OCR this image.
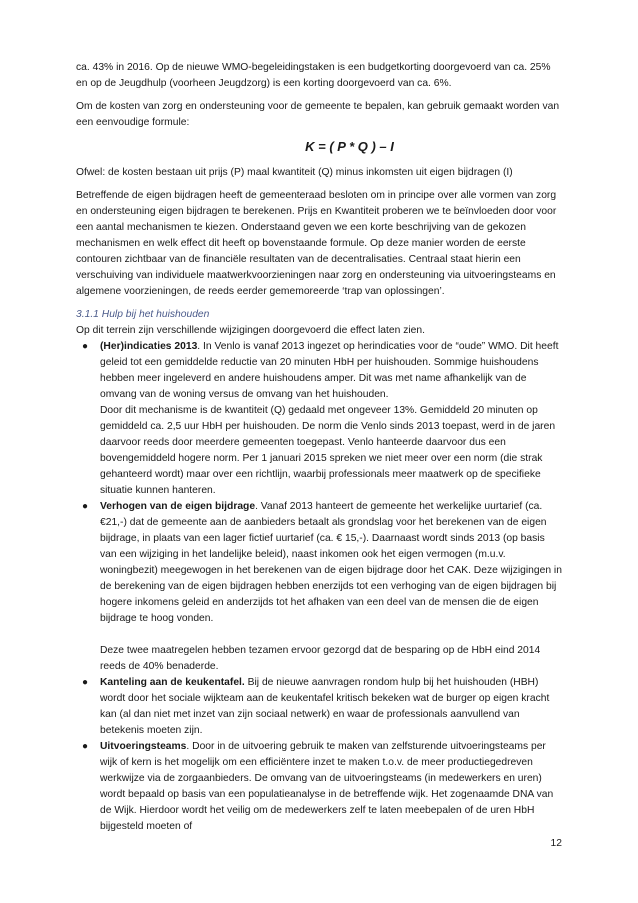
ca. 43% in 2016. Op de nieuwe WMO-begeleidingstaken is een budgetkorting doorgevoerd van ca. 25% en op de Jeugdhulp (voorheen Jeugdzorg) is een korting doorgevoerd van ca. 6%.

Om de kosten van zorg en ondersteuning voor de gemeente te bepalen, kan gebruik gemaakt worden van een eenvoudige formule:

K = ( P * Q ) – I

Ofwel: de kosten bestaan uit prijs (P) maal kwantiteit (Q) minus inkomsten uit eigen bijdragen (I)

Betreffende de eigen bijdragen heeft de gemeenteraad besloten om in principe over alle vormen van zorg en ondersteuning eigen bijdragen te berekenen. Prijs en Kwantiteit proberen we te beïnvloeden door voor een aantal mechanismen te kiezen. Onderstaand geven we een korte beschrijving van de gekozen mechanismen en welk effect dit heeft op bovenstaande formule. Op deze manier worden de eerste contouren zichtbaar van de financiële resultaten van de decentralisaties. Centraal staat hierin een verschuiving van individuele maatwerkvoorzieningen naar zorg en ondersteuning via uitvoeringsteams en algemene voorzieningen, de reeds eerder gememoreerde ‘trap van oplossingen’.

3.1.1 Hulp bij het huishouden

Op dit terrein zijn verschillende wijzigingen doorgevoerd die effect laten zien.

● (Her)indicaties 2013. In Venlo is vanaf 2013 ingezet op herindicaties voor de “oude” WMO. Dit heeft geleid tot een gemiddelde reductie van 20 minuten HbH per huishouden. Sommige huishoudens hebben meer ingeleverd en andere huishoudens amper. Dit was met name afhankelijk van de omvang van de woning versus de omvang van het huishouden.

Door dit mechanisme is de kwantiteit (Q) gedaald met ongeveer 13%. Gemiddeld 20 minuten op gemiddeld ca. 2,5 uur HbH per huishouden. De norm die Venlo sinds 2013 toepast, werd in de jaren daarvoor reeds door meerdere gemeenten toegepast. Venlo hanteerde daarvoor dus een bovengemiddeld hogere norm. Per 1 januari 2015 spreken we niet meer over een norm (die strak gehanteerd wordt) maar over een richtlijn, waarbij professionals meer maatwerk op de specifieke situatie kunnen hanteren.

● Verhogen van de eigen bijdrage. Vanaf 2013 hanteert de gemeente het werkelijke uurtarief (ca. €21,-) dat de gemeente aan de aanbieders betaalt als grondslag voor het berekenen van de eigen bijdrage, in plaats van een lager fictief uurtarief (ca. € 15,-). Daarnaast wordt sinds 2013 (op basis van een wijziging in het landelijke beleid), naast inkomen ook het eigen vermogen (m.u.v. woningbezit) meegewogen in het berekenen van de eigen bijdrage door het CAK. Deze wijzigingen in de berekening van de eigen bijdragen hebben enerzijds tot een verhoging van de eigen bijdragen bij hogere inkomens geleid en anderzijds tot het afhaken van een deel van de mensen die de eigen bijdrage te hoog vonden.

Deze twee maatregelen hebben tezamen ervoor gezorgd dat de besparing op de HbH eind 2014 reeds de 40% benaderde.

● Kanteling aan de keukentafel. Bij de nieuwe aanvragen rondom hulp bij het huishouden (HBH) wordt door het sociale wijkteam aan de keukentafel kritisch bekeken wat de burger op eigen kracht kan (al dan niet met inzet van zijn sociaal netwerk) en waar de professionals aanvullend van betekenis moeten zijn.

● Uitvoeringsteams. Door in de uitvoering gebruik te maken van zelfsturende uitvoeringsteams per wijk of kern is het mogelijk om een efficiëntere inzet te maken t.o.v. de meer productiegedreven werkwijze via de zorgaanbieders. De omvang van de uitvoeringsteams (in medewerkers en uren) wordt bepaald op basis van een populatieanalyse in de betreffende wijk. Het zogenaamde DNA van de Wijk. Hierdoor wordt het veilig om de medewerkers zelf te laten meebepalen of de uren HbH bijgesteld moeten of

12
